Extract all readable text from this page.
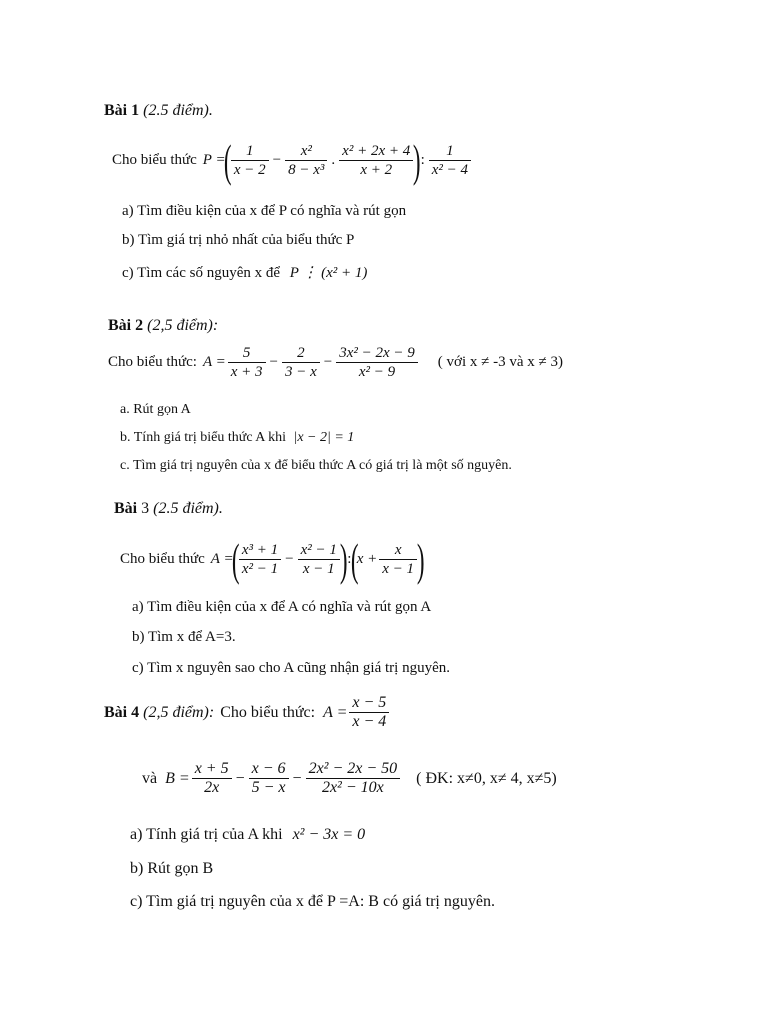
Bài 1 (2.5 điểm).
Cho biểu thức P =
( $\frac{1}{x - 2} - \frac{\text{x²}}{\text{8 − x³}}$ . $\frac{\text{x² + 2x + 4}}{x + 2}$ ) : $\frac{1}{\text{x² − 4}}$
a) Tìm điều kiện của x để P có nghĩa và rút gọn
b) Tìm giá trị nhỏ nhất của biểu thức P
c) Tìm các số nguyên x để P ⋮ (x² + 1)
Bài 2 (2,5 điểm):
Cho biểu thức: $A = \frac{5}{x + 3} - \frac{2}{3 - x} - \frac{\text{3x² − 2x − 9}}{\text{x² − 9}}$ ( với x ≠ -3 và x ≠ 3)
a. Rút gọn A
b. Tính giá trị biểu thức A khi |x − 2| = 1
c. Tìm giá trị nguyên của x để biểu thức A có giá trị là một số nguyên.
Bài 3 (2.5 điểm).
Cho biểu thức A =
( $\frac{\text{x³ + 1}}{\text{x² − 1}} - \frac{\text{x² − 1}}{x - 1}$ ) : (
$x + \frac{x}{x - 1}$ )
a) Tìm điều kiện của x để A có nghĩa và rút gọn A
b) Tìm x để A=3.
c) Tìm x nguyên sao cho A cũng nhận giá trị nguyên.
Bài 4 (2,5 điểm): Cho biểu thức: $A = \frac{x - 5}{x - 4}$
và $B = \frac{x + 5}{2x} - \frac{x - 6}{5 - x} - \frac{\text{2x² − 2x − 50}}{\text{2x² − 10x}}$ ( ĐK: x≠0, x≠ 4, x≠5)
a) Tính giá trị của A khi x² − 3x = 0
b) Rút gọn B
c) Tìm giá trị nguyên của x để P =A: B có giá trị nguyên.
